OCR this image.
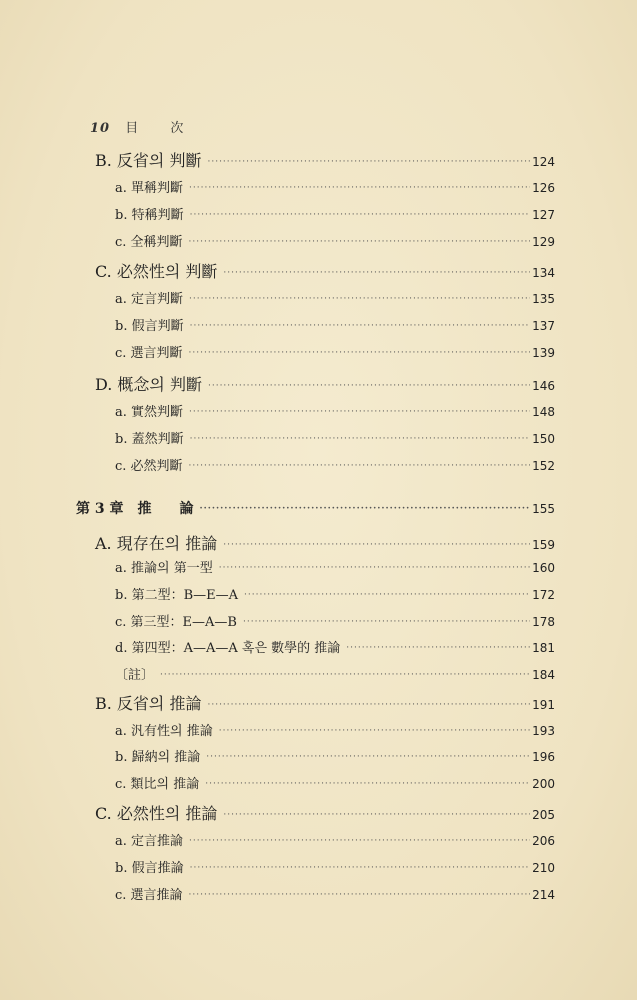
10 目 次
B. 反省의 判斷 ·····	124
a. 單稱判斷 ·····	126
b. 特稱判斷 ·····	127
c. 全稱判斷 ·····	129
C. 必然性의 判斷 ·····	134
a. 定言判斷 ·····	135
b. 假言判斷 ·····	137
c. 選言判斷 ·····	139
D. 概念의 判斷 ·····	146
a. 實然判斷 ·····	148
b. 蓋然判斷 ·····	150
c. 必然判斷 ·····	152
第 3 章　推　　論 ·····	155
A. 現存在의 推論 ·····	159
a. 推論의 第一型 ·····	160
b. 第二型：B—E—A ·····	172
c. 第三型：E—A—B ·····	178
d. 第四型：A—A—A 혹은 數學的 推論 ·····	181
〔註〕 ·····	184
B. 反省의 推論 ·····	191
a. 汎有性의 推論 ·····	193
b. 歸納의 推論 ·····	196
c. 類比의 推論 ·····	200
C. 必然性의 推論 ·····	205
a. 定言推論 ·····	206
b. 假言推論 ·····	210
c. 選言推論 ·····	214
